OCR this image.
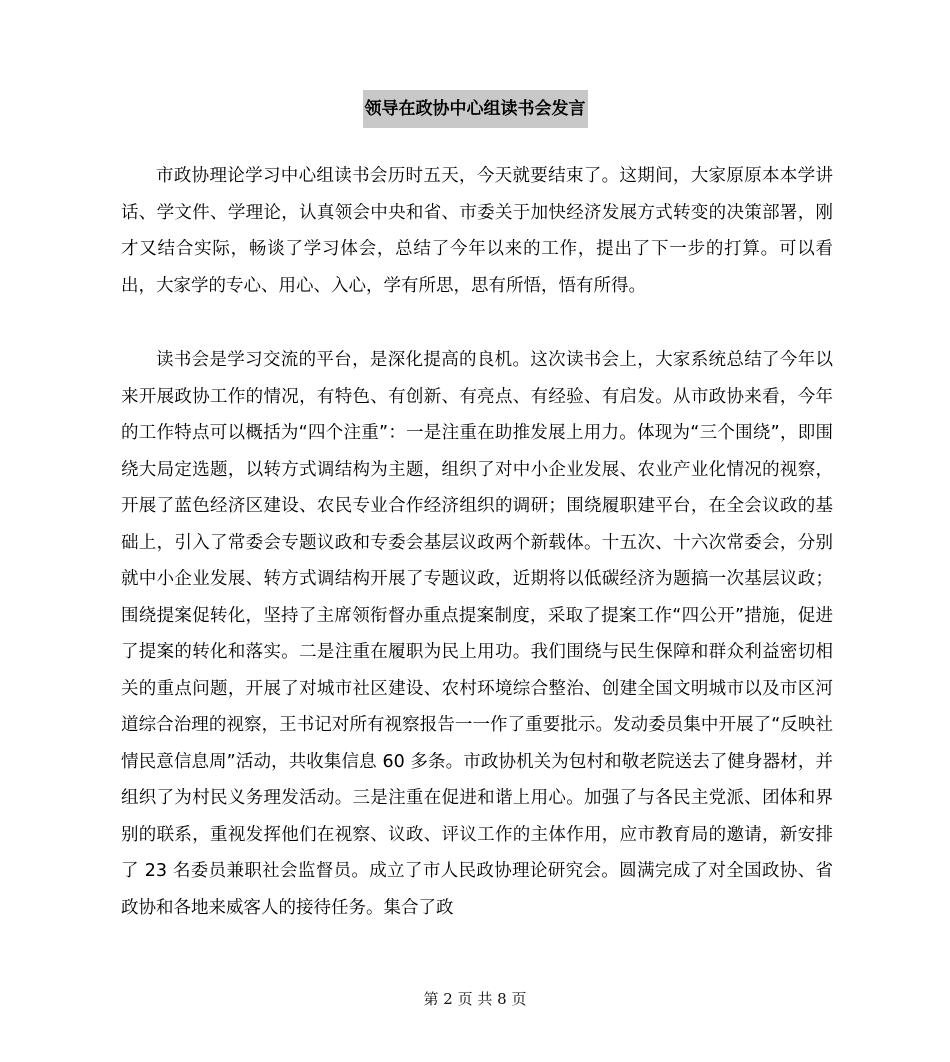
领导在政协中心组读书会发言

市政协理论学习中心组读书会历时五天，今天就要结束了。这期间，大家原原本本学讲话、学文件、学理论，认真领会中央和省、市委关于加快经济发展方式转变的决策部署，刚才又结合实际，畅谈了学习体会，总结了今年以来的工作，提出了下一步的打算。可以看出，大家学的专心、用心、入心，学有所思，思有所悟，悟有所得。

读书会是学习交流的平台，是深化提高的良机。这次读书会上，大家系统总结了今年以来开展政协工作的情况，有特色、有创新、有亮点、有经验、有启发。从市政协来看，今年的工作特点可以概括为“四个注重”：一是注重在助推发展上用力。体现为“三个围绕”，即围绕大局定选题，以转方式调结构为主题，组织了对中小企业发展、农业产业化情况的视察，开展了蓝色经济区建设、农民专业合作经济组织的调研；围绕履职建平台，在全会议政的基础上，引入了常委会专题议政和专委会基层议政两个新载体。十五次、十六次常委会，分别就中小企业发展、转方式调结构开展了专题议政，近期将以低碳经济为题搞一次基层议政；围绕提案促转化，坚持了主席领衔督办重点提案制度，采取了提案工作“四公开”措施，促进了提案的转化和落实。二是注重在履职为民上用功。我们围绕与民生保障和群众利益密切相关的重点问题，开展了对城市社区建设、农村环境综合整治、创建全国文明城市以及市区河道综合治理的视察，王书记对所有视察报告一一作了重要批示。发动委员集中开展了“反映社情民意信息周”活动，共收集信息 60 多条。市政协机关为包村和敬老院送去了健身器材，并组织了为村民义务理发活动。三是注重在促进和谐上用心。加强了与各民主党派、团体和界别的联系，重视发挥他们在视察、议政、评议工作的主体作用，应市教育局的邀请，新安排了 23 名委员兼职社会监督员。成立了市人民政协理论研究会。圆满完成了对全国政协、省政协和各地来威客人的接待任务。集合了政

第 2 页 共 8 页
